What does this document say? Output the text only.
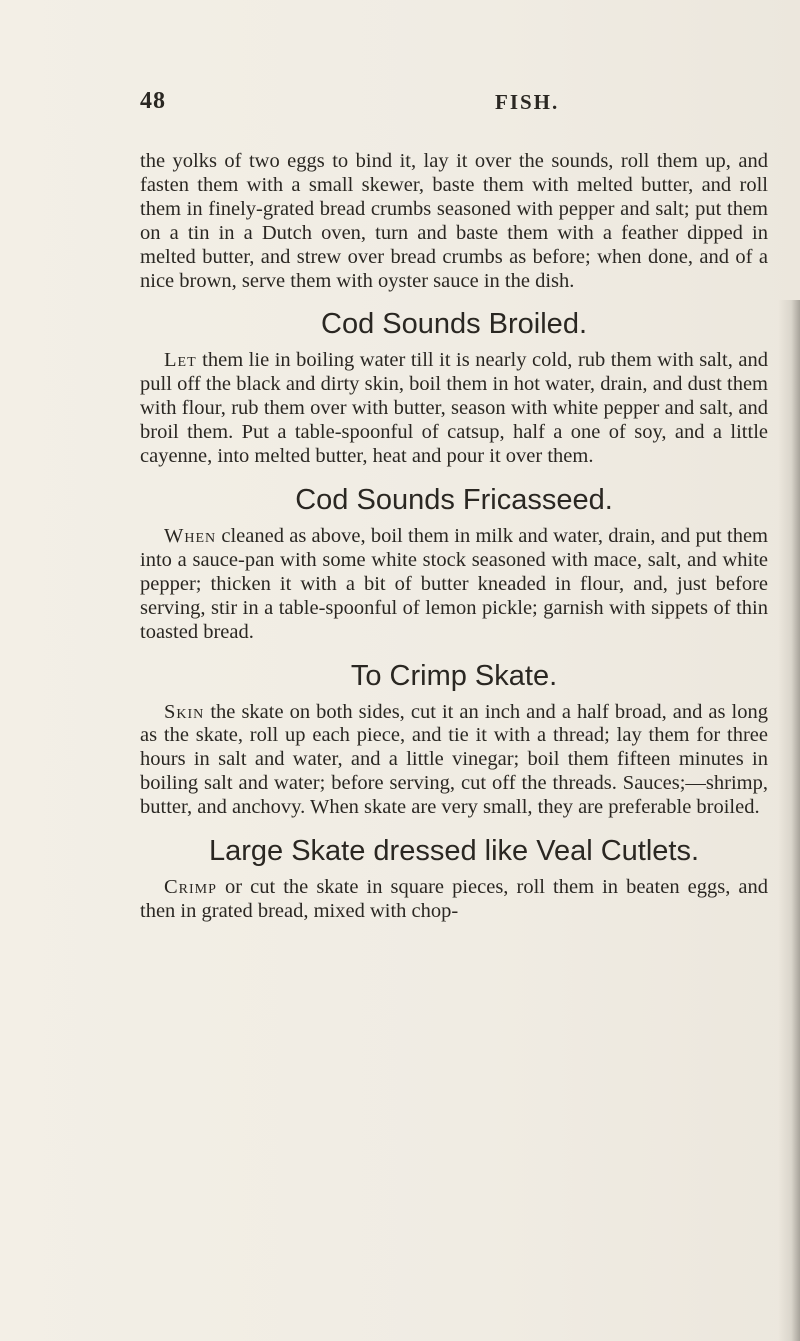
48	FISH.

the yolks of two eggs to bind it, lay it over the sounds, roll them up, and fasten them with a small skewer, baste them with melted butter, and roll them in finely-grated bread crumbs seasoned with pepper and salt; put them on a tin in a Dutch oven, turn and baste them with a feather dipped in melted butter, and strew over bread crumbs as before; when done, and of a nice brown, serve them with oyster sauce in the dish.

Cod Sounds Broiled.

Let them lie in boiling water till it is nearly cold, rub them with salt, and pull off the black and dirty skin, boil them in hot water, drain, and dust them with flour, rub them over with butter, season with white pepper and salt, and broil them. Put a table-spoonful of catsup, half a one of soy, and a little cayenne, into melted butter, heat and pour it over them.

Cod Sounds Fricasseed.

When cleaned as above, boil them in milk and water, drain, and put them into a sauce-pan with some white stock seasoned with mace, salt, and white pepper; thicken it with a bit of butter kneaded in flour, and, just before serving, stir in a table-spoonful of lemon pickle; garnish with sippets of thin toasted bread.

To Crimp Skate.

Skin the skate on both sides, cut it an inch and a half broad, and as long as the skate, roll up each piece, and tie it with a thread; lay them for three hours in salt and water, and a little vinegar; boil them fifteen minutes in boiling salt and water; before serving, cut off the threads. Sauces;—shrimp, butter, and anchovy. When skate are very small, they are preferable broiled.

Large Skate dressed like Veal Cutlets.

Crimp or cut the skate in square pieces, roll them in beaten eggs, and then in grated bread, mixed with chop-
